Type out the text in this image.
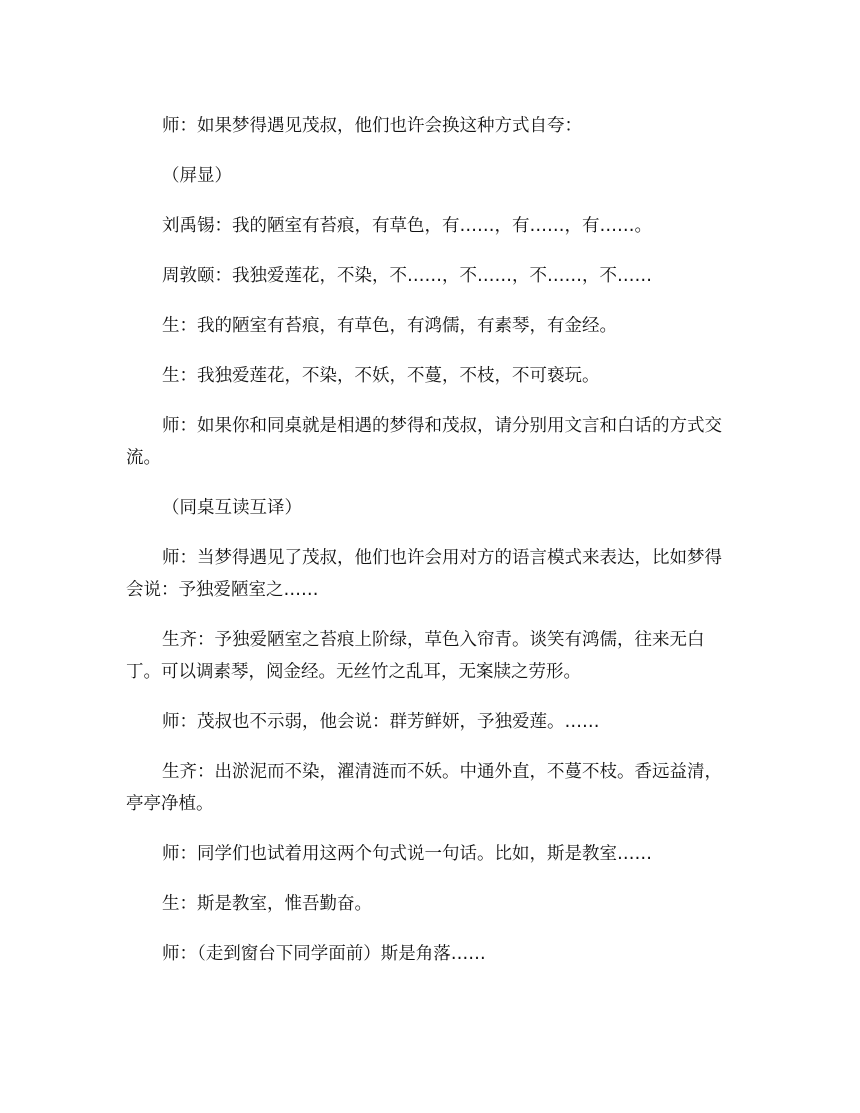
师：如果梦得遇见茂叔，他们也许会换这种方式自夸：

（屏显）

刘禹锡：我的陋室有苔痕，有草色，有……，有……，有……。

周敦颐：我独爱莲花，不染，不……，不……，不……，不……

生：我的陋室有苔痕，有草色，有鸿儒，有素琴，有金经。

生：我独爱莲花，不染，不妖，不蔓，不枝，不可亵玩。

师：如果你和同桌就是相遇的梦得和茂叔，请分别用文言和白话的方式交流。

（同桌互读互译）

师：当梦得遇见了茂叔，他们也许会用对方的语言模式来表达，比如梦得会说：予独爱陋室之……

生齐：予独爱陋室之苔痕上阶绿，草色入帘青。谈笑有鸿儒，往来无白丁。可以调素琴，阅金经。无丝竹之乱耳，无案牍之劳形。

师：茂叔也不示弱，他会说：群芳鲜妍，予独爱莲。……

生齐：出淤泥而不染，濯清涟而不妖。中通外直，不蔓不枝。香远益清，亭亭净植。

师：同学们也试着用这两个句式说一句话。比如，斯是教室……

生：斯是教室，惟吾勤奋。

师：（走到窗台下同学面前）斯是角落……
